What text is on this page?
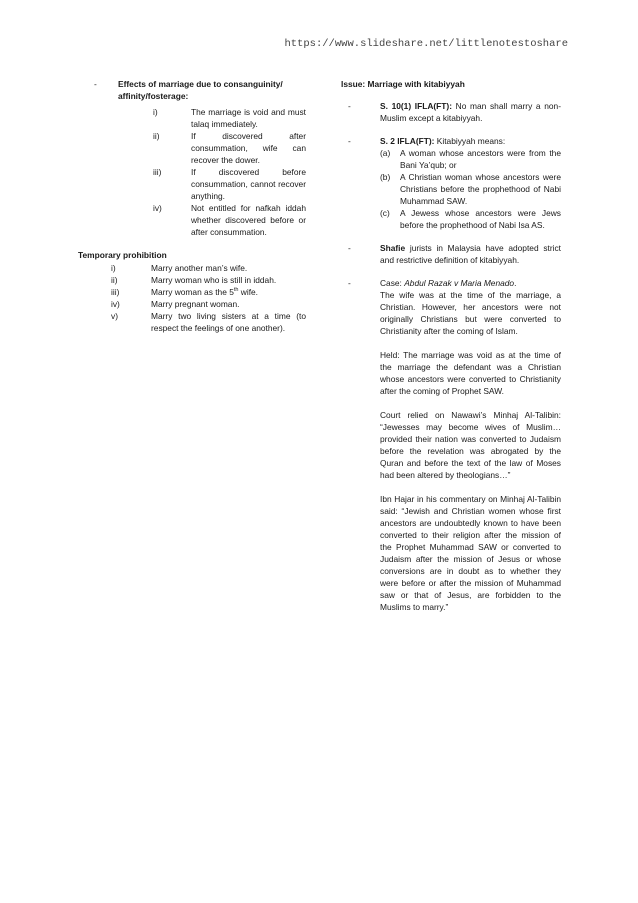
https://www.slideshare.net/littlenotestoshare
-	Effects of marriage due to consanguinity/ affinity/fosterage:
i)	The marriage is void and must talaq immediately.
ii)	If discovered after consummation, wife can recover the dower.
iii)	If discovered before consummation, cannot recover anything.
iv)	Not entitled for nafkah iddah whether discovered before or after consummation.
Temporary prohibition
i)	Marry another man’s wife.
ii)	Marry woman who is still in iddah.
iii)	Marry woman as the 5th wife.
iv)	Marry pregnant woman.
v)	Marry two living sisters at a time (to respect the feelings of one another).
Issue: Marriage with kitabiyyah
-	S. 10(1) IFLA(FT): No man shall marry a non-Muslim except a kitabiyyah.
-	S. 2 IFLA(FT): Kitabiyyah means:
(a)	A woman whose ancestors were from the Bani Ya’qub; or
(b)	A Christian woman whose ancestors were Christians before the prophethood of Nabi Muhammad SAW.
(c)	A Jewess whose ancestors were Jews before the prophethood of Nabi Isa AS.
-	Shafie jurists in Malaysia have adopted strict and restrictive definition of kitabiyyah.
-	Case: Abdul Razak v Maria Menado.
The wife was at the time of the marriage, a Christian. However, her ancestors were not originally Christians but were converted to Christianity after the coming of Islam.
Held: The marriage was void as at the time of the marriage the defendant was a Christian whose ancestors were converted to Christianity after the coming of Prophet SAW.
Court relied on Nawawi’s Minhaj Al-Talibin: “Jewesses may become wives of Muslim… provided their nation was converted to Judaism before the revelation was abrogated by the Quran and before the text of the law of Moses had been altered by theologians…”
Ibn Hajar in his commentary on Minhaj Al-Talibin said: “Jewish and Christian women whose first ancestors are undoubtedly known to have been converted to their religion after the mission of the Prophet Muhammad SAW or converted to Judaism after the mission of Jesus or whose conversions are in doubt as to whether they were before or after the mission of Muhammad saw or that of Jesus, are forbidden to the Muslims to marry.”
